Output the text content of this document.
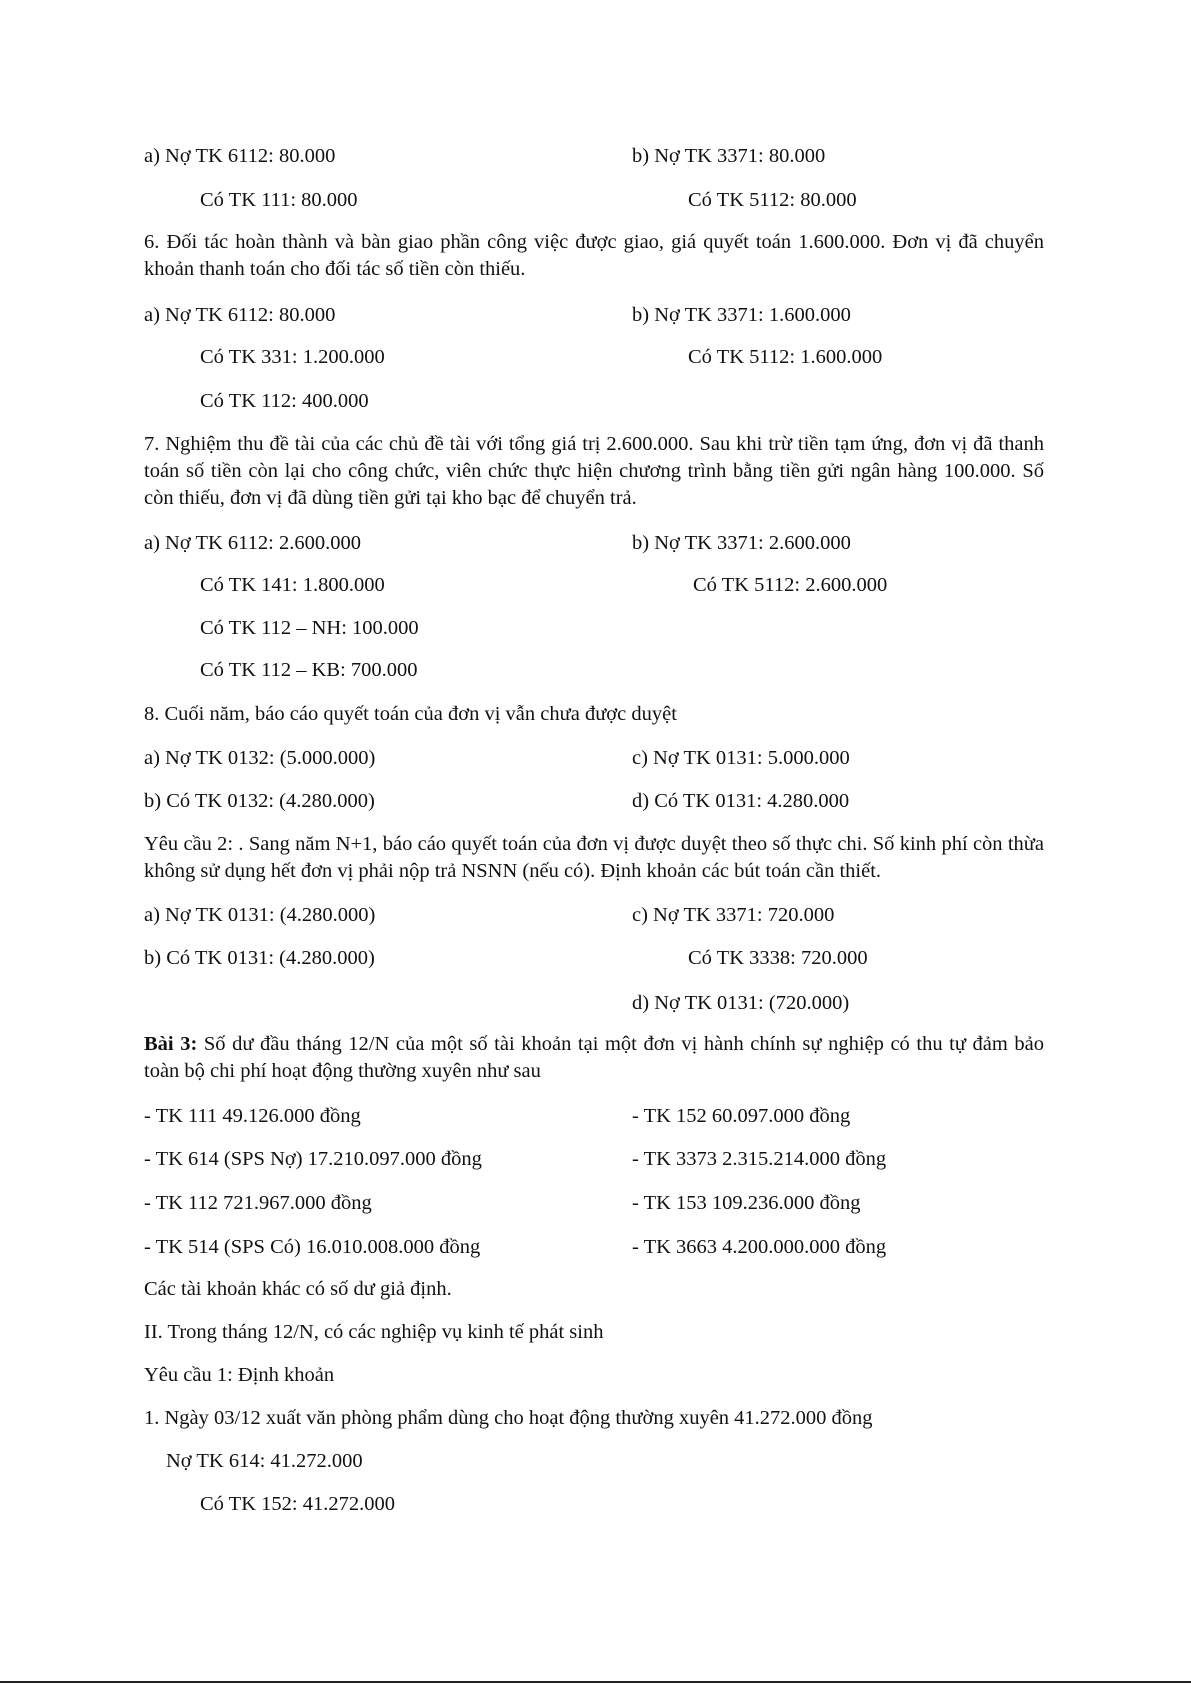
a) Nợ TK 6112: 80.000	b) Nợ TK 3371: 80.000
Có TK 111: 80.000	Có TK 5112: 80.000
6. Đối tác hoàn thành và bàn giao phần công việc được giao, giá quyết toán 1.600.000. Đơn vị đã chuyển khoản thanh toán cho đối tác số tiền còn thiếu.
a) Nợ TK 6112: 80.000	b) Nợ TK 3371: 1.600.000
Có TK 331: 1.200.000	Có TK 5112: 1.600.000
Có TK 112: 400.000
7. Nghiệm thu đề tài của các chủ đề tài với tổng giá trị 2.600.000. Sau khi trừ tiền tạm ứng, đơn vị đã thanh toán số tiền còn lại cho công chức, viên chức thực hiện chương trình bằng tiền gửi ngân hàng 100.000. Số còn thiếu, đơn vị đã dùng tiền gửi tại kho bạc để chuyển trả.
a) Nợ TK 6112: 2.600.000	b) Nợ TK 3371: 2.600.000
Có TK 141: 1.800.000	Có TK 5112: 2.600.000
Có TK 112 – NH: 100.000
Có TK 112 – KB: 700.000
8. Cuối năm, báo cáo quyết toán của đơn vị vẫn chưa được duyệt
a) Nợ TK 0132: (5.000.000)	c) Nợ TK 0131: 5.000.000
b) Có TK 0132: (4.280.000)	d) Có TK 0131: 4.280.000
Yêu cầu 2: . Sang năm N+1, báo cáo quyết toán của đơn vị được duyệt theo số thực chi. Số kinh phí còn thừa không sử dụng hết đơn vị phải nộp trả NSNN (nếu có). Định khoản các bút toán cần thiết.
a) Nợ TK 0131: (4.280.000)	c) Nợ TK 3371: 720.000
b) Có TK 0131: (4.280.000)	Có TK 3338: 720.000
d) Nợ TK 0131: (720.000)
Bài 3: Số dư đầu tháng 12/N của một số tài khoản tại một đơn vị hành chính sự nghiệp có thu tự đảm bảo toàn bộ chi phí hoạt động thường xuyên như sau
- TK 111 49.126.000 đồng	- TK 152 60.097.000 đồng
- TK 614 (SPS Nợ) 17.210.097.000 đồng	- TK 3373 2.315.214.000 đồng
- TK 112 721.967.000 đồng	- TK 153 109.236.000 đồng
- TK 514 (SPS Có) 16.010.008.000 đồng	- TK 3663 4.200.000.000 đồng
Các tài khoản khác có số dư giả định.
II. Trong tháng 12/N, có các nghiệp vụ kinh tế phát sinh
Yêu cầu 1: Định khoản
1. Ngày 03/12 xuất văn phòng phẩm dùng cho hoạt động thường xuyên 41.272.000 đồng
Nợ TK 614: 41.272.000
Có TK 152: 41.272.000
